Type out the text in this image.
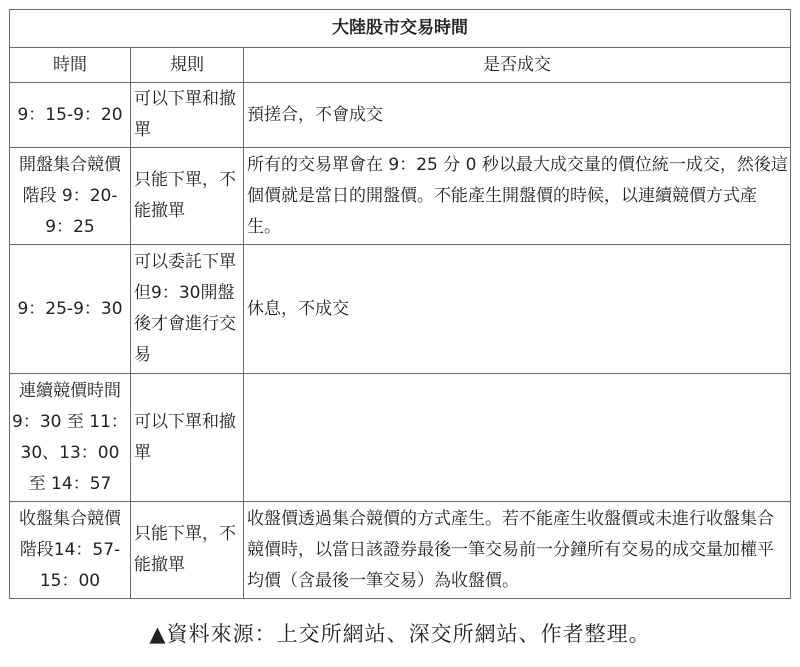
大陸股市交易時間		
時間	規則	是否成交
9：15-9：20	可以下單和撤單	預搓合，不會成交
開盤集合競價階段 9：20-9：25	只能下單，不能撤單	所有的交易單會在 9：25 分 0 秒以最大成交量的價位統一成交，然後這個價就是當日的開盤價。不能產生開盤價的時候，以連續競價方式產生。
9：25-9：30	可以委託下單但9：30開盤後才會進行交易	休息，不成交
連續競價時間9：30 至 11：30、13：00 至 14：57	可以下單和撤單	
收盤集合競價階段14：57-15：00	只能下單，不能撤單	收盤價透過集合競價的方式產生。若不能產生收盤價或未進行收盤集合競價時，以當日該證券最後一筆交易前一分鐘所有交易的成交量加權平均價（含最後一筆交易）為收盤價。
▲資料來源：上交所網站、深交所網站、作者整理。
